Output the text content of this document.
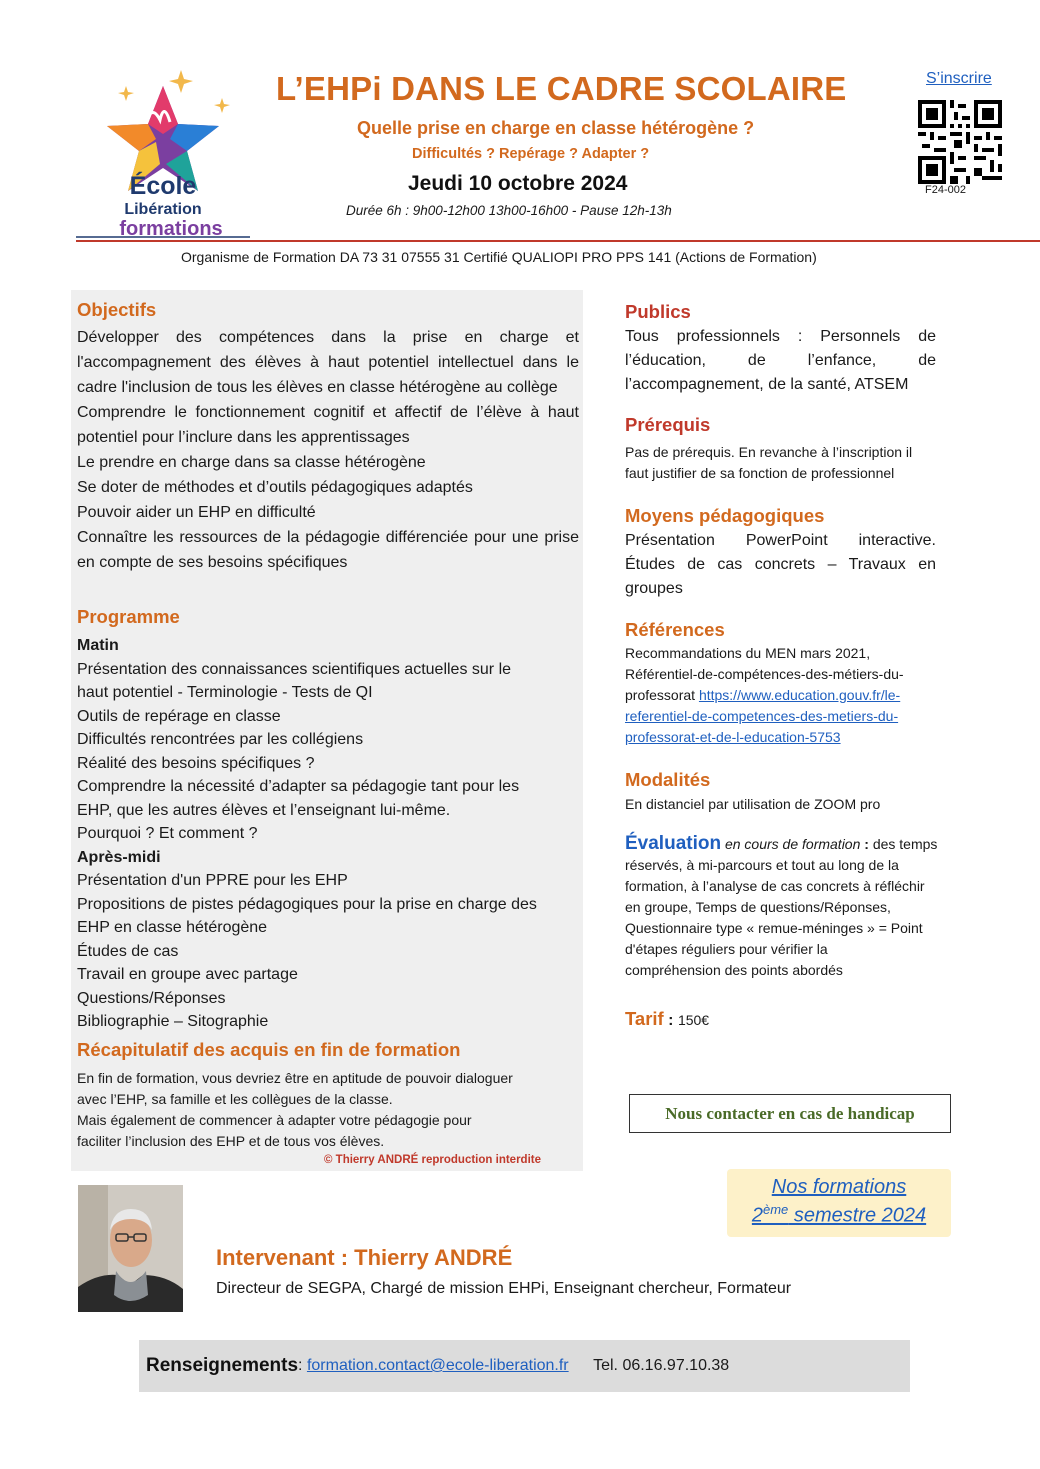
École
Libération
formations
L’EHPi DANS LE CADRE SCOLAIRE
Quelle prise en charge en classe hétérogène ?
Difficultés ? Repérage ? Adapter ?
Jeudi 10 octobre 2024
Durée 6h : 9h00-12h00 13h00-16h00 - Pause 12h-13h
S’inscrire
F24-002
Organisme de Formation DA 73 31 07555 31 Certifié QUALIOPI PRO PPS 141 (Actions de Formation)
Objectifs
Développer des compétences dans la prise en charge et l'accompagnement des élèves à haut potentiel intellectuel dans le cadre l'inclusion de tous les élèves en classe hétérogène au collège
Comprendre le fonctionnement cognitif et affectif de l’élève à haut potentiel pour l’inclure dans les apprentissages
Le prendre en charge dans sa classe hétérogène
Se doter de méthodes et d’outils pédagogiques adaptés
Pouvoir aider un EHP en difficulté
Connaître les ressources de la pédagogie différenciée pour une prise en compte de ses besoins spécifiques
Programme
Matin
Présentation des connaissances scientifiques actuelles sur le
haut potentiel - Terminologie - Tests de QI
Outils de repérage en classe
Difficultés rencontrées par les collégiens
Réalité des besoins spécifiques ?
Comprendre la nécessité d’adapter sa pédagogie tant pour les
EHP, que les autres élèves et l’enseignant lui-même.
Pourquoi ? Et comment ?
Après-midi
Présentation d'un PPRE pour les EHP
Propositions de pistes pédagogiques pour la prise en charge des
EHP en classe hétérogène
Études de cas
Travail en groupe avec partage
Questions/Réponses
Bibliographie – Sitographie
Récapitulatif des acquis en fin de formation
En fin de formation, vous devriez être en aptitude de pouvoir dialoguer
avec l’EHP, sa famille et les collègues de la classe.
Mais également de commencer à adapter votre pédagogie pour
faciliter l’inclusion des EHP et de tous vos élèves.
© Thierry ANDRÉ reproduction interdite
Publics
Tous professionnels : Personnels de l’éducation, de l’enfance, de l’accompagnement, de la santé, ATSEM
Prérequis
Pas de prérequis. En revanche à l’inscription il
faut justifier de sa fonction de professionnel
Moyens pédagogiques
Présentation PowerPoint interactive. Études de cas concrets – Travaux en groupes
Références
Recommandations du MEN mars 2021,
Référentiel-de-compétences-des-métiers-du-
professorat https://www.education.gouv.fr/le-
referentiel-de-competences-des-metiers-du-
professorat-et-de-l-education-5753
Modalités
En distanciel par utilisation de ZOOM pro
Évaluation en cours de formation : des temps
réservés, à mi-parcours et tout au long de la
formation, à l’analyse de cas concrets à réfléchir
en groupe, Temps de questions/Réponses,
Questionnaire type « remue-méninges » = Point
d'étapes réguliers pour vérifier la
compréhension des points abordés
Tarif : 150€
Nous contacter en cas de handicap
Nos formations
2ème semestre 2024
Intervenant : Thierry ANDRÉ
Directeur de SEGPA, Chargé de mission EHPi, Enseignant chercheur, Formateur
Renseignements : formation.contact@ecole-liberation.fr Tel. 06.16.97.10.38
